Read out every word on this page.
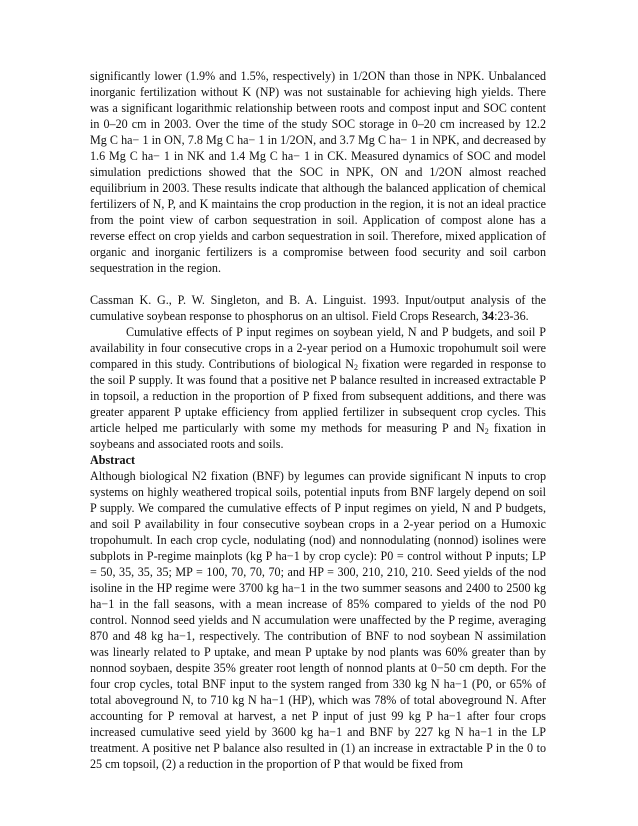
significantly lower (1.9% and 1.5%, respectively) in 1/2ON than those in NPK. Unbalanced inorganic fertilization without K (NP) was not sustainable for achieving high yields. There was a significant logarithmic relationship between roots and compost input and SOC content in 0–20 cm in 2003. Over the time of the study SOC storage in 0–20 cm increased by 12.2 Mg C ha− 1 in ON, 7.8 Mg C ha− 1 in 1/2ON, and 3.7 Mg C ha− 1 in NPK, and decreased by 1.6 Mg C ha− 1 in NK and 1.4 Mg C ha− 1 in CK. Measured dynamics of SOC and model simulation predictions showed that the SOC in NPK, ON and 1/2ON almost reached equilibrium in 2003. These results indicate that although the balanced application of chemical fertilizers of N, P, and K maintains the crop production in the region, it is not an ideal practice from the point view of carbon sequestration in soil. Application of compost alone has a reverse effect on crop yields and carbon sequestration in soil. Therefore, mixed application of organic and inorganic fertilizers is a compromise between food security and soil carbon sequestration in the region.

Cassman K. G., P. W. Singleton, and B. A. Linguist. 1993. Input/output analysis of the cumulative soybean response to phosphorus on an ultisol. Field Crops Research, 34:23-36.

Cumulative effects of P input regimes on soybean yield, N and P budgets, and soil P availability in four consecutive crops in a 2-year period on a Humoxic tropohumult soil were compared in this study. Contributions of biological $N_2$ fixation were regarded in response to the soil P supply. It was found that a positive net P balance resulted in increased extractable P in topsoil, a reduction in the proportion of P fixed from subsequent additions, and there was greater apparent P uptake efficiency from applied fertilizer in subsequent crop cycles. This article helped me particularly with some my methods for measuring P and $N_2$ fixation in soybeans and associated roots and soils.

Abstract

Although biological N2 fixation (BNF) by legumes can provide significant N inputs to crop systems on highly weathered tropical soils, potential inputs from BNF largely depend on soil P supply. We compared the cumulative effects of P input regimes on yield, N and P budgets, and soil P availability in four consecutive soybean crops in a 2-year period on a Humoxic tropohumult. In each crop cycle, nodulating (nod) and nonnodulating (nonnod) isolines were subplots in P-regime mainplots (kg P ha−1 by crop cycle): P0 = control without P inputs; LP = 50, 35, 35, 35; MP = 100, 70, 70, 70; and HP = 300, 210, 210, 210. Seed yields of the nod isoline in the HP regime were 3700 kg ha−1 in the two summer seasons and 2400 to 2500 kg ha−1 in the fall seasons, with a mean increase of 85% compared to yields of the nod P0 control. Nonnod seed yields and N accumulation were unaffected by the P regime, averaging 870 and 48 kg ha−1, respectively. The contribution of BNF to nod soybean N assimilation was linearly related to P uptake, and mean P uptake by nod plants was 60% greater than by nonnod soybaen, despite 35% greater root length of nonnod plants at 0−50 cm depth. For the four crop cycles, total BNF input to the system ranged from 330 kg N ha−1 (P0, or 65% of total aboveground N, to 710 kg N ha−1 (HP), which was 78% of total aboveground N. After accounting for P removal at harvest, a net P input of just 99 kg P ha−1 after four crops increased cumulative seed yield by 3600 kg ha−1 and BNF by 227 kg N ha−1 in the LP treatment. A positive net P balance also resulted in (1) an increase in extractable P in the 0 to 25 cm topsoil, (2) a reduction in the proportion of P that would be fixed from
